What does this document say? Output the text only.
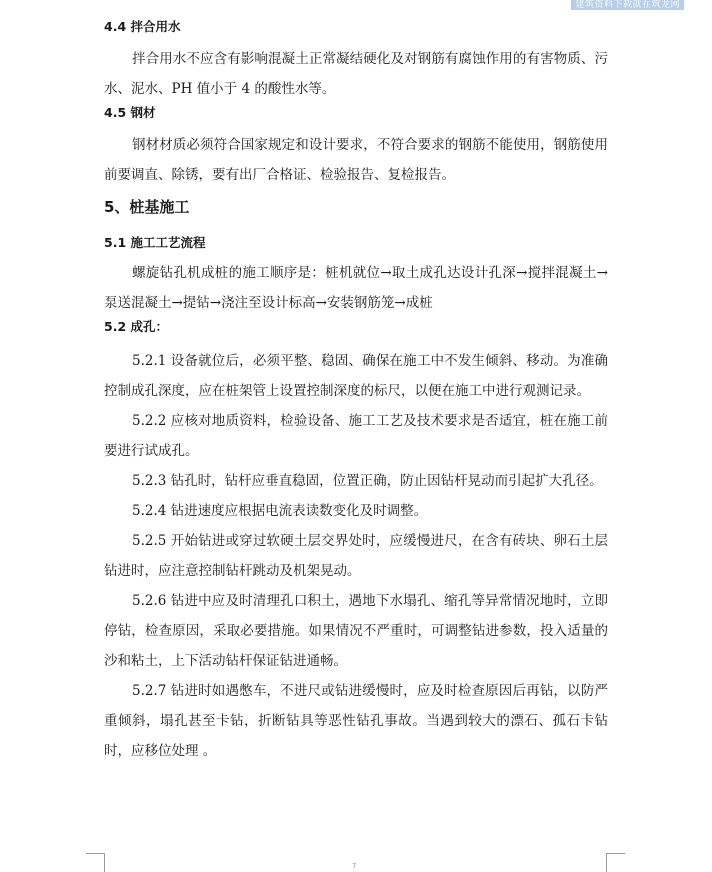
建筑资料下载就在筑龙网

4.4 拌合用水

拌合用水不应含有影响混凝土正常凝结硬化及对钢筋有腐蚀作用的有害物质、污水、泥水、PH 值小于 4 的酸性水等。

4.5 钢材

钢材材质必须符合国家规定和设计要求，不符合要求的钢筋不能使用，钢筋使用前要调直、除锈，要有出厂合格证、检验报告、复检报告。

5、桩基施工

5.1 施工工艺流程

螺旋钻孔机成桩的施工顺序是：桩机就位→取土成孔达设计孔深→搅拌混凝土→泵送混凝土→提钻→浇注至设计标高→安装钢筋笼→成桩

5.2 成孔：

5.2.1 设备就位后，必须平整、稳固、确保在施工中不发生倾斜、移动。为准确控制成孔深度，应在桩架管上设置控制深度的标尺，以便在施工中进行观测记录。

5.2.2 应核对地质资料，检验设备、施工工艺及技术要求是否适宜，桩在施工前要进行试成孔。

5.2.3 钻孔时，钻杆应垂直稳固，位置正确，防止因钻杆晃动而引起扩大孔径。

5.2.4 钻进速度应根据电流表读数变化及时调整。

5.2.5 开始钻进或穿过软硬土层交界处时，应缓慢进尺，在含有砖块、卵石土层钻进时，应注意控制钻杆跳动及机架晃动。

5.2.6 钻进中应及时清理孔口积土，遇地下水塌孔、缩孔等异常情况地时，立即停钻，检查原因，采取必要措施。如果情况不严重时，可调整钻进参数，投入适量的沙和粘土，上下活动钻杆保证钻进通畅。

5.2.7 钻进时如遇憋车，不进尺或钻进缓慢时，应及时检查原因后再钻，以防严重倾斜，塌孔甚至卡钻，折断钻具等恶性钻孔事故。当遇到较大的漂石、孤石卡钻时，应移位处理 。

7
